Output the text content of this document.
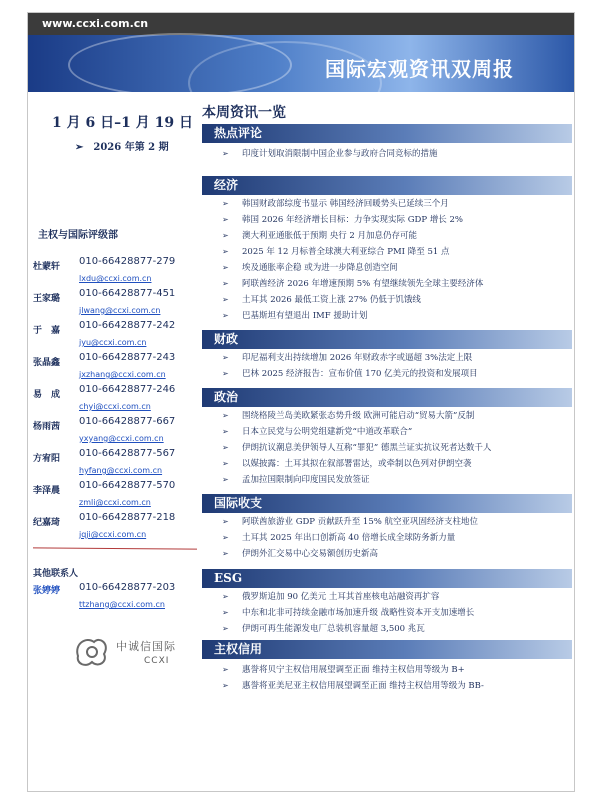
www.ccxi.com.cn
国际宏观资讯双周报
1 月 6 日–1 月 19 日
➢ 2026 年第 2 期
主权与国际评级部
杜蒙轩 010-66428877-279
lxdu@ccxi.com.cn
王家璐 010-66428877-451
jlwang@ccxi.com.cn
于　嘉 010-66428877-242
jyu@ccxi.com.cn
张晶鑫 010-66428877-243
jxzhang@ccxi.com.cn
易　成 010-66428877-246
chyi@ccxi.com.cn
杨雨茜 010-66428877-667
yxyang@ccxi.com.cn
方宥阳 010-66428877-567
hyfang@ccxi.com.cn
李泽晨 010-66428877-570
zmli@ccxi.com.cn
纪嘉琦 010-66428877-218
jqji@ccxi.com.cn
其他联系人
张婷婷 010-66428877-203
ttzhang@ccxi.com.cn
中诚信国际
CCXI
本周资讯一览
热点评论
➢ 印度计划取消限制中国企业参与政府合同竞标的措施
经济
➢ 韩国财政部综度书显示 韩国经济回暖势头已延续三个月
➢ 韩国 2026 年经济增长目标：力争实现实际 GDP 增长 2%
➢ 澳大利亚通胀低于预期 央行 2 月加息仍存可能
➢ 2025 年 12 月标普全球澳大利亚综合 PMI 降至 51 点
➢ 埃及通胀率企稳 或为进一步降息创造空间
➢ 阿联酋经济 2026 年增速预期 5% 有望继续领先全球主要经济体
➢ 土耳其 2026 最低工资上涨 27% 仍低于饥饿线
➢ 巴基斯坦有望退出 IMF 援助计划
财政
➢ 印尼福利支出持续增加 2026 年财政赤字或逼超 3%法定上限
➢ 巴林 2025 经济报告：宣布价值 170 亿美元的投资和发展项目
政治
➢ 围绕格陵兰岛美欧紧张态势升级 欧洲可能启动“贸易大箭”反制
➢ 日本立民党与公明党组建新党“中道改革联合”
➢ 伊朗抗议潮息美伊领导人互称“罪犯” 德黑兰证实抗议死者达数千人
➢ 以媒披露：土耳其拟在叙部署雷达，或牵制以色列对伊朗空袭
➢ 孟加拉国限制向印度国民发放签证
国际收支
➢ 阿联酋旅游业 GDP 贡献跃升至 15% 航空亚巩固经济支柱地位
➢ 土耳其 2025 年出口创新高 40 倍增长成全球防务新力量
➢ 伊朗外汇交易中心交易额创历史新高
ESG
➢ 俄罗斯追加 90 亿美元 土耳其首座核电站融资再扩容
➢ 中东和北非可持续金融市场加速升级 战略性资本开支加速增长
➢ 伊朗可再生能源发电厂总装机容量超 3,500 兆瓦
主权信用
➢ 惠誉将贝宁主权信用展望调至正面 维持主权信用等级为 B+
➢ 惠誉将亚美尼亚主权信用展望调至正面 维持主权信用等级为 BB-
